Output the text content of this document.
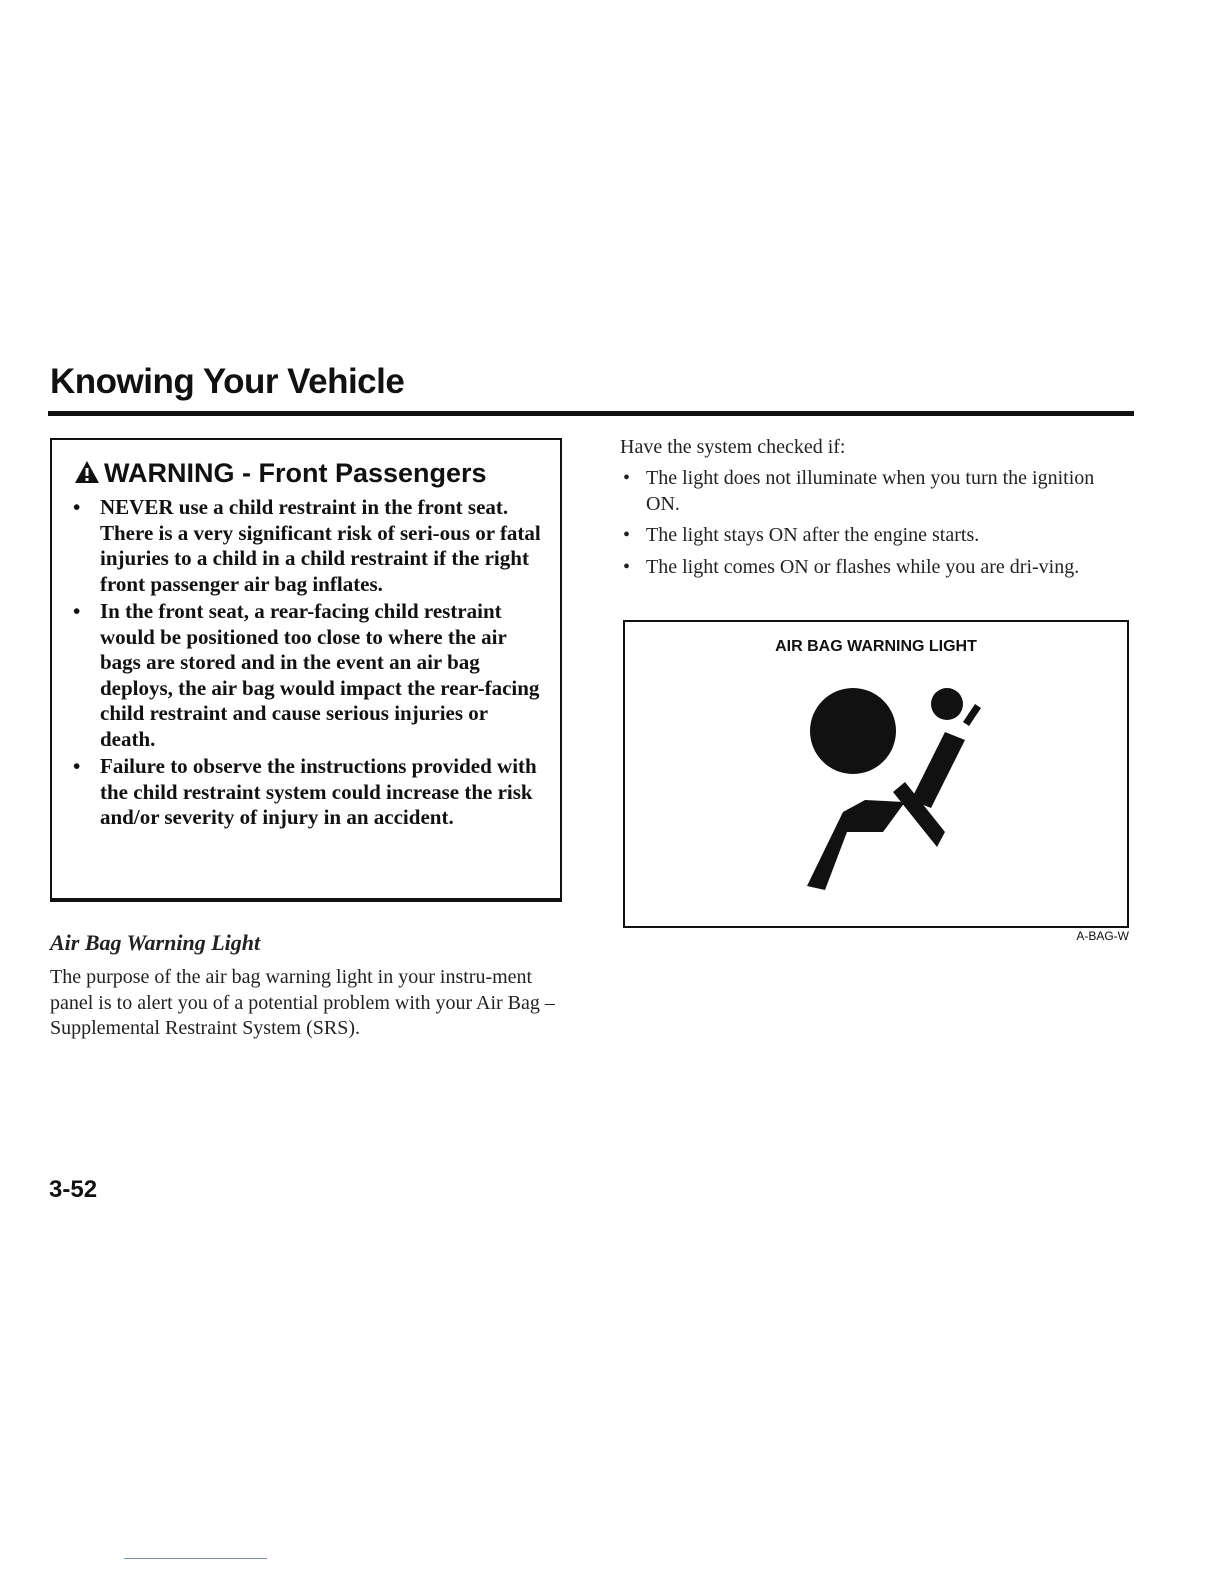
Knowing Your Vehicle
WARNING - Front Passengers
• NEVER use a child restraint in the front seat. There is a very significant risk of seri-ous or fatal injuries to a child in a child restraint if the right front passenger air bag inflates.
• In the front seat, a rear-facing child restraint would be positioned too close to where the air bags are stored and in the event an air bag deploys, the air bag would impact the rear-facing child restraint and cause serious injuries or death.
• Failure to observe the instructions provided with the child restraint system could increase the risk and/or severity of injury in an accident.
Air Bag Warning Light

The purpose of the air bag warning light in your instru-ment panel is to alert you of a potential problem with your Air Bag – Supplemental Restraint System (SRS).

Have the system checked if:

• The light does not illuminate when you turn the ignition ON.
• The light stays ON after the engine starts.
• The light comes ON or flashes while you are dri-ving.

AIR BAG WARNING LIGHT

A-BAG-W

3-52
